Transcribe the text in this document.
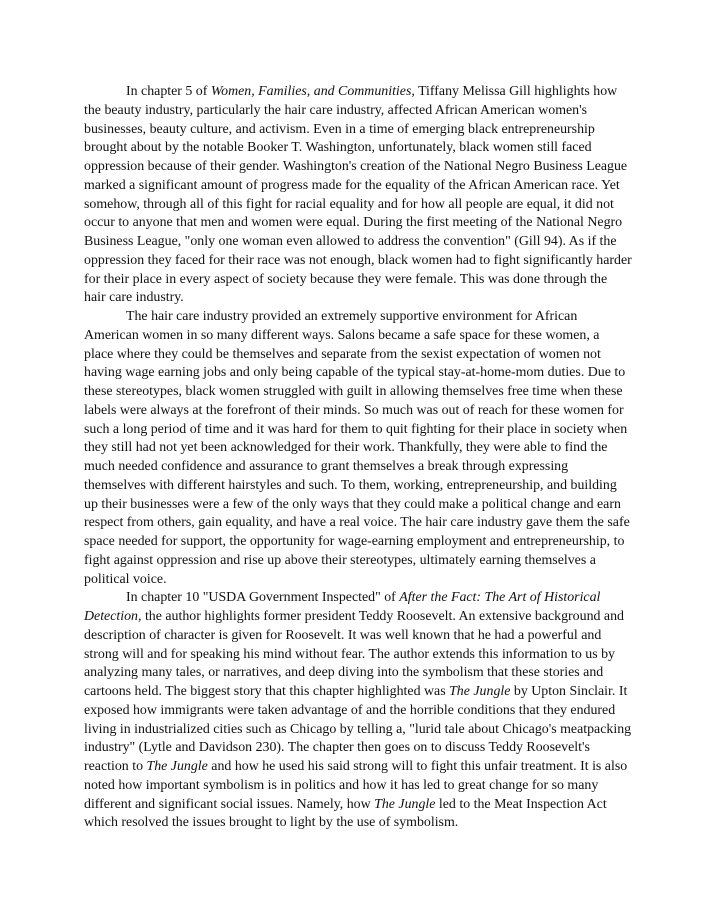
In chapter 5 of Women, Families, and Communities, Tiffany Melissa Gill highlights how the beauty industry, particularly the hair care industry, affected African American women's businesses, beauty culture, and activism. Even in a time of emerging black entrepreneurship brought about by the notable Booker T. Washington, unfortunately, black women still faced oppression because of their gender. Washington's creation of the National Negro Business League marked a significant amount of progress made for the equality of the African American race. Yet somehow, through all of this fight for racial equality and for how all people are equal, it did not occur to anyone that men and women were equal. During the first meeting of the National Negro Business League, "only one woman even allowed to address the convention" (Gill 94). As if the oppression they faced for their race was not enough, black women had to fight significantly harder for their place in every aspect of society because they were female. This was done through the hair care industry.

The hair care industry provided an extremely supportive environment for African American women in so many different ways. Salons became a safe space for these women, a place where they could be themselves and separate from the sexist expectation of women not having wage earning jobs and only being capable of the typical stay-at-home-mom duties. Due to these stereotypes, black women struggled with guilt in allowing themselves free time when these labels were always at the forefront of their minds. So much was out of reach for these women for such a long period of time and it was hard for them to quit fighting for their place in society when they still had not yet been acknowledged for their work. Thankfully, they were able to find the much needed confidence and assurance to grant themselves a break through expressing themselves with different hairstyles and such. To them, working, entrepreneurship, and building up their businesses were a few of the only ways that they could make a political change and earn respect from others, gain equality, and have a real voice. The hair care industry gave them the safe space needed for support, the opportunity for wage-earning employment and entrepreneurship, to fight against oppression and rise up above their stereotypes, ultimately earning themselves a political voice.

In chapter 10 "USDA Government Inspected" of After the Fact: The Art of Historical Detection, the author highlights former president Teddy Roosevelt. An extensive background and description of character is given for Roosevelt. It was well known that he had a powerful and strong will and for speaking his mind without fear. The author extends this information to us by analyzing many tales, or narratives, and deep diving into the symbolism that these stories and cartoons held. The biggest story that this chapter highlighted was The Jungle by Upton Sinclair. It exposed how immigrants were taken advantage of and the horrible conditions that they endured living in industrialized cities such as Chicago by telling a, "lurid tale about Chicago's meatpacking industry" (Lytle and Davidson 230). The chapter then goes on to discuss Teddy Roosevelt's reaction to The Jungle and how he used his said strong will to fight this unfair treatment. It is also noted how important symbolism is in politics and how it has led to great change for so many different and significant social issues. Namely, how The Jungle led to the Meat Inspection Act which resolved the issues brought to light by the use of symbolism.
